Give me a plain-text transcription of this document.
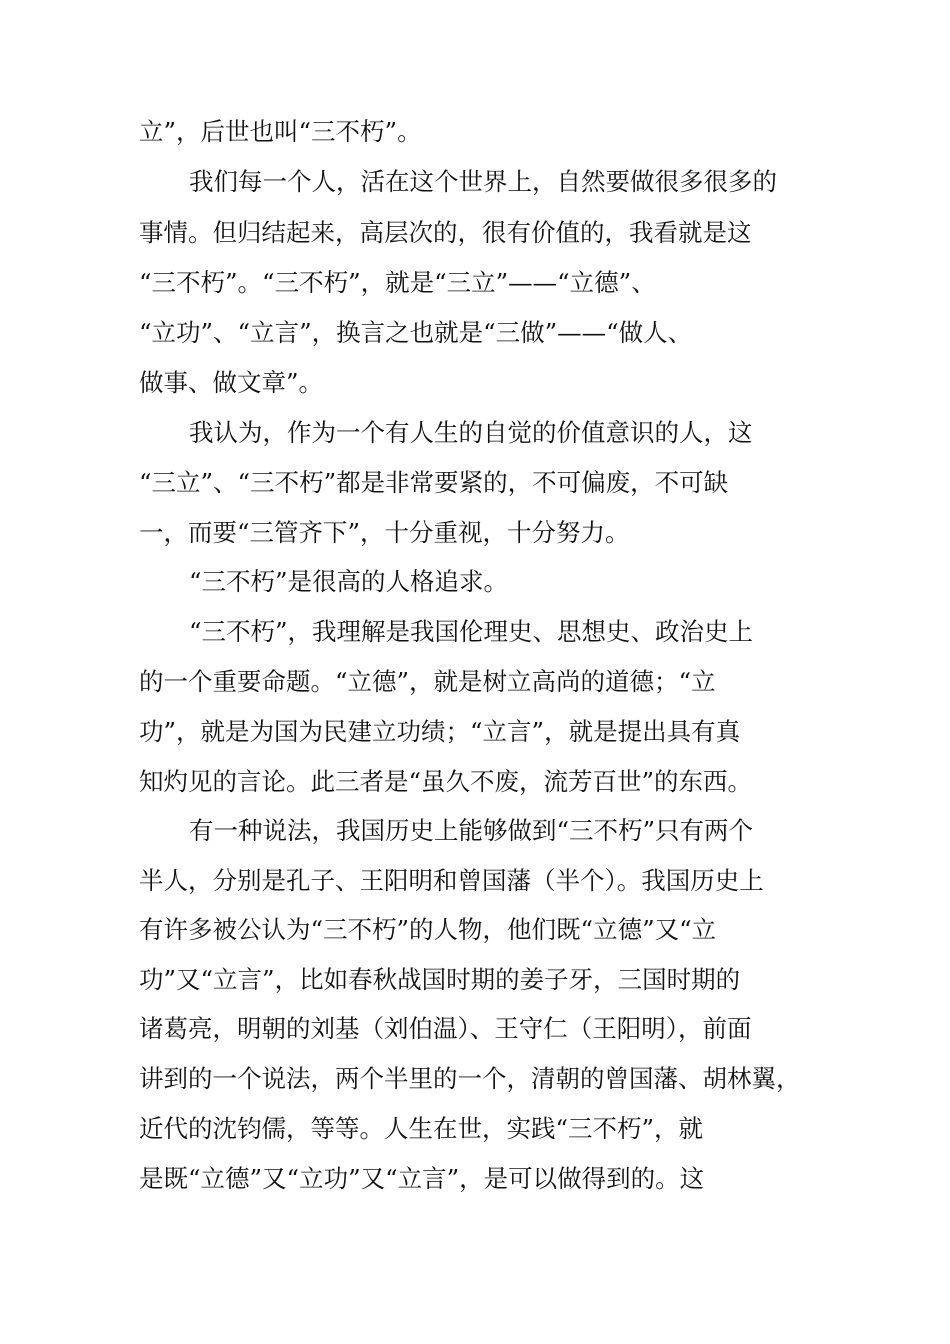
立”，后世也叫“三不朽”。

我们每一个人，活在这个世界上，自然要做很多很多的

事情。但归结起来，高层次的，很有价值的，我看就是这

“三不朽”。“三不朽”，就是“三立”——“立德”、

“立功”、“立言”，换言之也就是“三做”——“做人、

做事、做文章”。

我认为，作为一个有人生的自觉的价值意识的人，这

“三立”、“三不朽”都是非常要紧的，不可偏废，不可缺

一，而要“三管齐下”，十分重视，十分努力。

“三不朽”是很高的人格追求。

“三不朽”，我理解是我国伦理史、思想史、政治史上

的一个重要命题。“立德”，就是树立高尚的道德；“立

功”，就是为国为民建立功绩；“立言”，就是提出具有真

知灼见的言论。此三者是“虽久不废，流芳百世”的东西。

有一种说法，我国历史上能够做到“三不朽”只有两个

半人，分别是孔子、王阳明和曾国藩（半个）。我国历史上

有许多被公认为“三不朽”的人物，他们既“立德”又“立

功”又“立言”，比如春秋战国时期的姜子牙，三国时期的

诸葛亮，明朝的刘基（刘伯温）、王守仁（王阳明），前面

讲到的一个说法，两个半里的一个，清朝的曾国藩、胡林翼，

近代的沈钧儒，等等。人生在世，实践“三不朽”，就

是既“立德”又“立功”又“立言”，是可以做得到的。这
